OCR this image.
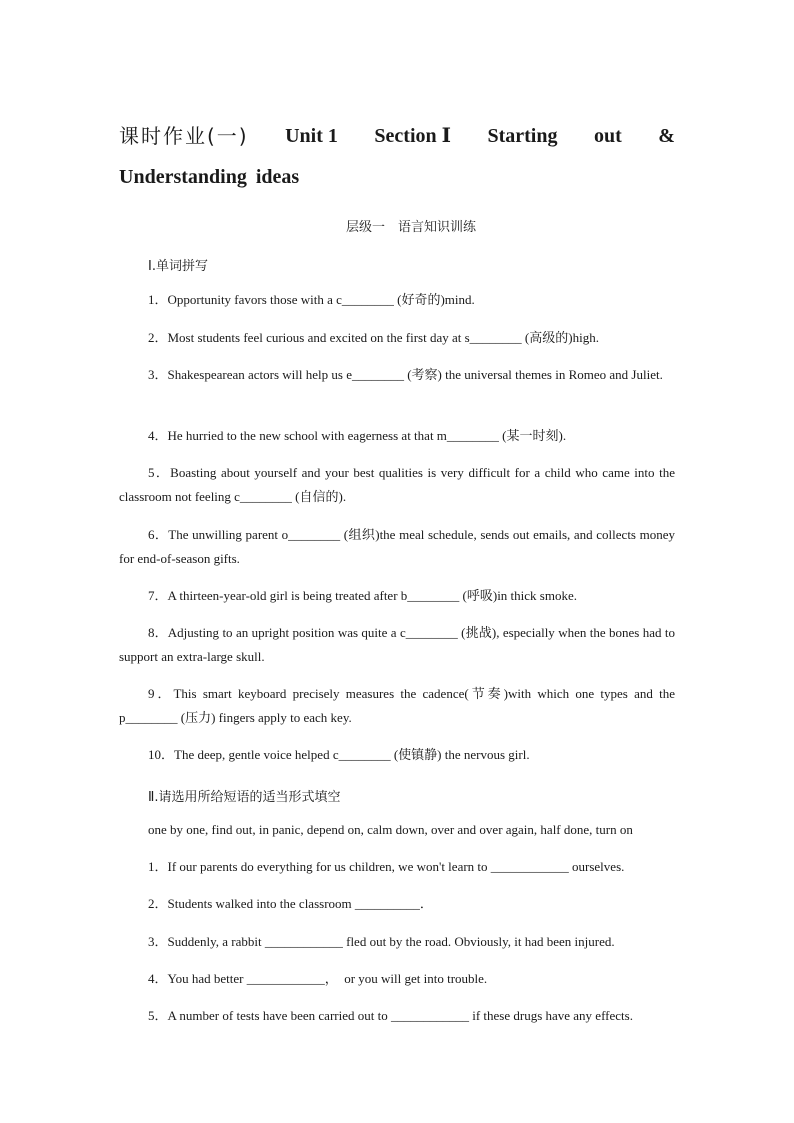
课时作业(一) Unit 1 Section Ⅰ Starting out &
Understanding ideas
层级一　语言知识训练
Ⅰ.单词拼写
1．Opportunity favors those with a c________ (好奇的)mind.
2．Most students feel curious and excited on the first day at s________ (高级的)high.
3．Shakespearean actors will help us e________ (考察) the universal themes in Romeo and Juliet.
4．He hurried to the new school with eagerness at that m________ (某一时刻).
5．Boasting about yourself and your best qualities is very difficult for a child who came into the classroom not feeling c________ (自信的).
6．The unwilling parent o________ (组织)the meal schedule, sends out emails, and collects money for end-of-season gifts.
7．A thirteen-year-old girl is being treated after b________ (呼吸)in thick smoke.
8．Adjusting to an upright position was quite a c________ (挑战), especially when the bones had to support an extra-large skull.
9．This smart keyboard precisely measures the cadence(节奏)with which one types and the p________ (压力) fingers apply to each key.
10．The deep, gentle voice helped c________ (使镇静) the nervous girl.
Ⅱ.请选用所给短语的适当形式填空
one by one, find out, in panic, depend on, calm down, over and over again, half done, turn on
1．If our parents do everything for us children, we won't learn to ____________ ourselves.
2．Students walked into the classroom __________．
3．Suddenly, a rabbit ____________ fled out by the road. Obviously, it had been injured.
4．You had better ____________，　or you will get into trouble.
5．A number of tests have been carried out to ____________ if these drugs have any effects.
